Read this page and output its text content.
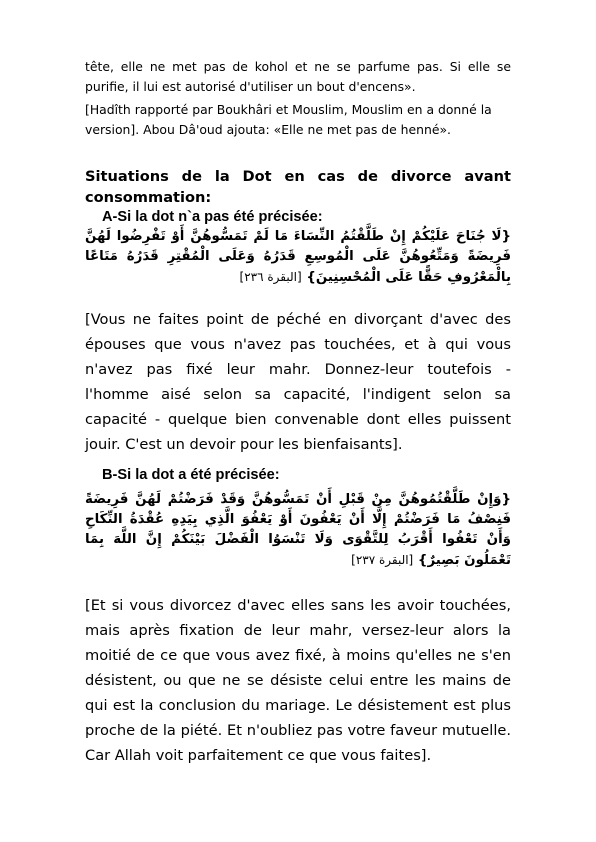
tête, elle ne met pas de kohol et ne se parfume pas. Si elle se purifie, il lui est autorisé d'utiliser un bout d'encens».
[Hadîth rapporté par Boukhâri et Mouslim, Mouslim en a donné la version]. Abou Dâ'oud ajouta: «Elle ne met pas de henné».
Situations de la Dot en cas de divorce avant
consommation:
A-Si la dot n`a pas été précisée:
{لَا جُنَاحَ عَلَيْكُمْ إِنْ طَلَّقْتُمُ النِّسَاءَ مَا لَمْ تَمَسُّوهُنَّ أَوْ تَفْرِضُوا لَهُنَّ فَرِيضَةً وَمَتِّعُوهُنَّ عَلَى الْمُوسِعِ قَدَرُهُ وَعَلَى الْمُقْتِرِ قَدَرُهُ مَتَاعًا بِالْمَعْرُوفِ حَقًّا عَلَى الْمُحْسِنِينَ} [البقرة ٢٣٦]
[Vous ne faites point de péché en divorçant d'avec des épouses que vous n'avez pas touchées, et à qui vous n'avez pas fixé leur mahr. Donnez-leur toutefois - l'homme aisé selon sa capacité, l'indigent selon sa capacité - quelque bien convenable dont elles puissent jouir. C'est un devoir pour les bienfaisants].
B-Si la dot a été précisée:
{وَإِنْ طَلَّقْتُمُوهُنَّ مِنْ قَبْلِ أَنْ تَمَسُّوهُنَّ وَقَدْ فَرَضْتُمْ لَهُنَّ فَرِيضَةً فَنِصْفُ مَا فَرَضْتُمْ إِلَّا أَنْ يَعْفُونَ أَوْ يَعْفُوَ الَّذِي بِيَدِهِ عُقْدَةُ النِّكَاحِ وَأَنْ تَعْفُوا أَقْرَبُ لِلتَّقْوَى وَلَا تَنْسَوُا الْفَضْلَ بَيْنَكُمْ إِنَّ اللَّهَ بِمَا تَعْمَلُونَ بَصِيرٌ} [البقرة ٢٣٧]
[Et si vous divorcez d'avec elles sans les avoir touchées, mais après fixation de leur mahr, versez-leur alors la moitié de ce que vous avez fixé, à moins qu'elles ne s'en désistent, ou que ne se désiste celui entre les mains de qui est la conclusion du mariage. Le désistement est plus proche de la piété. Et n'oubliez pas votre faveur mutuelle. Car Allah voit parfaitement ce que vous faites].
